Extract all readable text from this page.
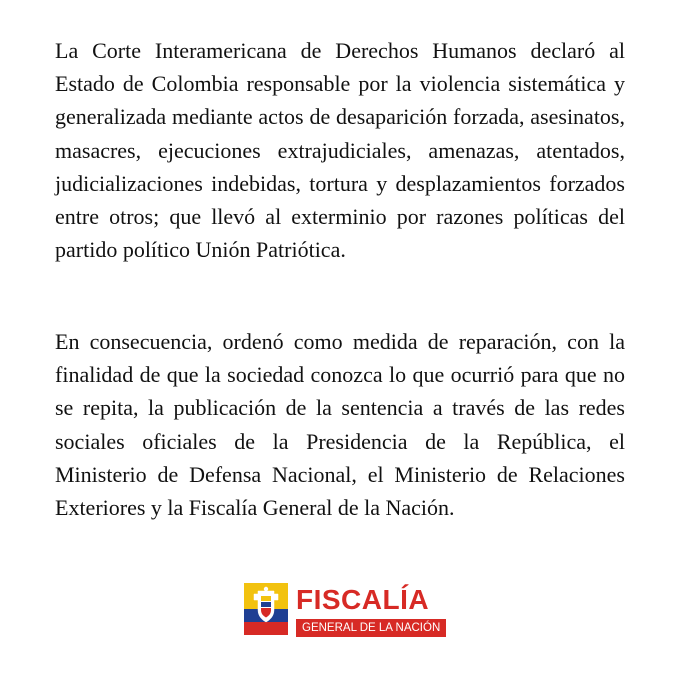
La Corte Interamericana de Derechos Humanos declaró al Estado de Colombia responsable por la violencia sistemática y generalizada mediante actos de desaparición forzada, asesinatos, masacres, ejecuciones extrajudiciales, amenazas, atentados, judicializaciones indebidas, tortura y desplazamientos forzados entre otros; que llevó al exterminio por razones políticas del partido político Unión Patriótica.

En consecuencia, ordenó como medida de reparación, con la finalidad de que la sociedad conozca lo que ocurrió para que no se repita, la publicación de la sentencia a través de las redes sociales oficiales de la Presidencia de la República, el Ministerio de Defensa Nacional, el Ministerio de Relaciones Exteriores y la Fiscalía General de la Nación.

FISCALÍA
GENERAL DE LA NACIÓN
